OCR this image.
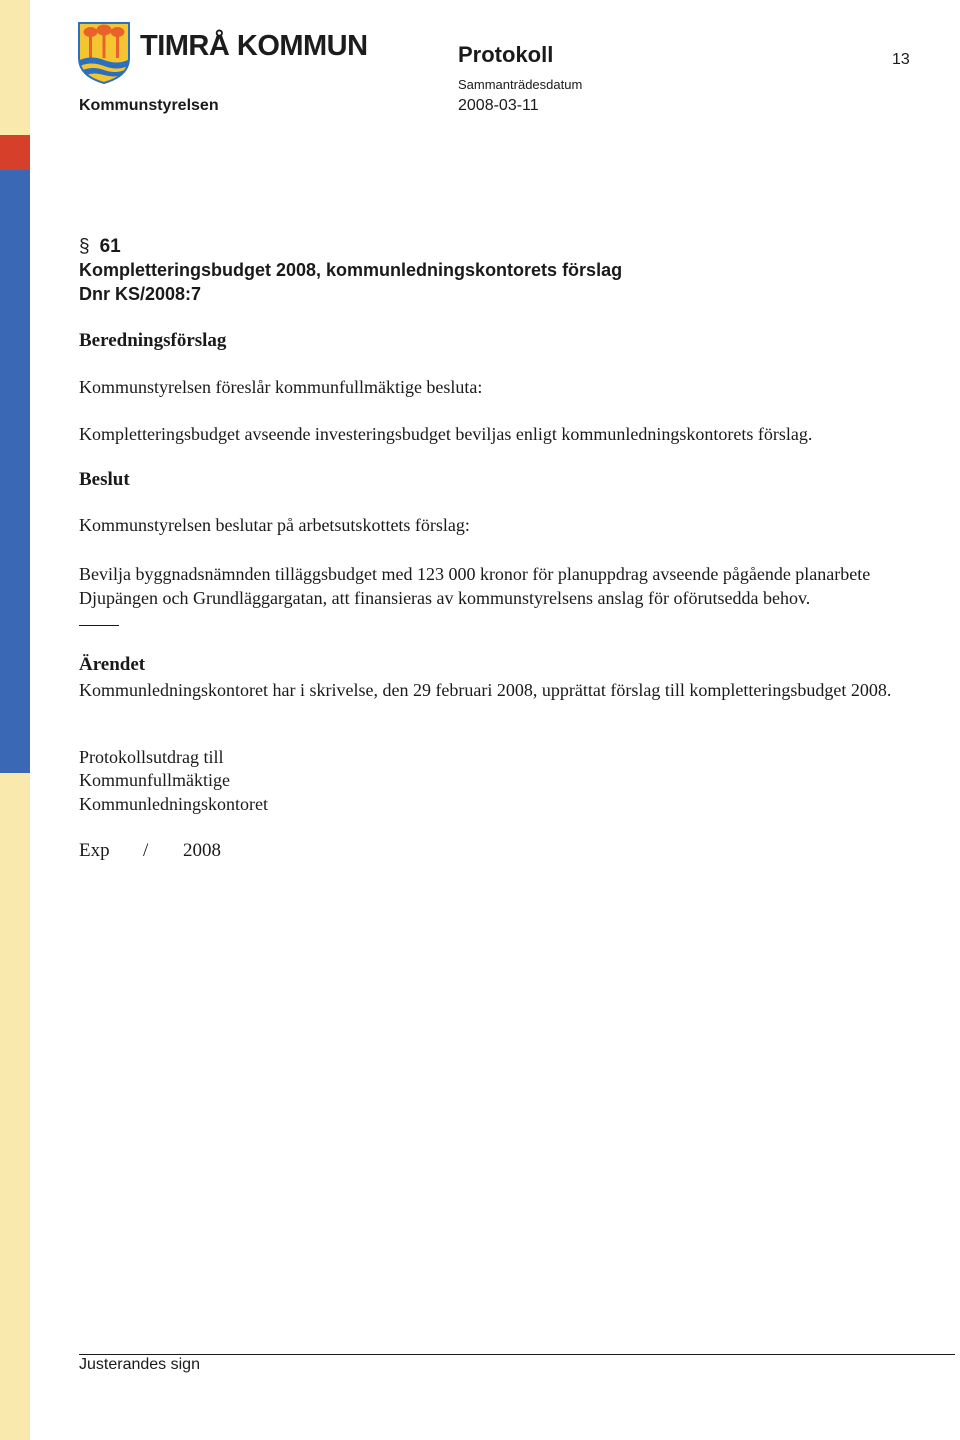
TIMRÅ KOMMUN	Protokoll	13
Sammanträdesdatum
Kommunstyrelsen	2008-03-11
§ 61
Kompletteringsbudget 2008, kommunledningskontorets förslag
Dnr KS/2008:7
Beredningsförslag
Kommunstyrelsen föreslår kommunfullmäktige besluta:
Kompletteringsbudget avseende investeringsbudget beviljas enligt kommunledningskontorets förslag.
Beslut
Kommunstyrelsen beslutar på arbetsutskottets förslag:
Bevilja byggnadsnämnden tilläggsbudget med 123 000 kronor för planuppdrag avseende pågående planarbete Djupängen och Grundläggargatan, att finansieras av kommunstyrelsens anslag för oförutsedda behov.
Ärendet
Kommunledningskontoret har i skrivelse, den 29 februari 2008, upprättat förslag till kompletteringsbudget 2008.
Protokollsutdrag till
Kommunfullmäktige
Kommunledningskontoret
Exp / 2008
Justerandes sign
